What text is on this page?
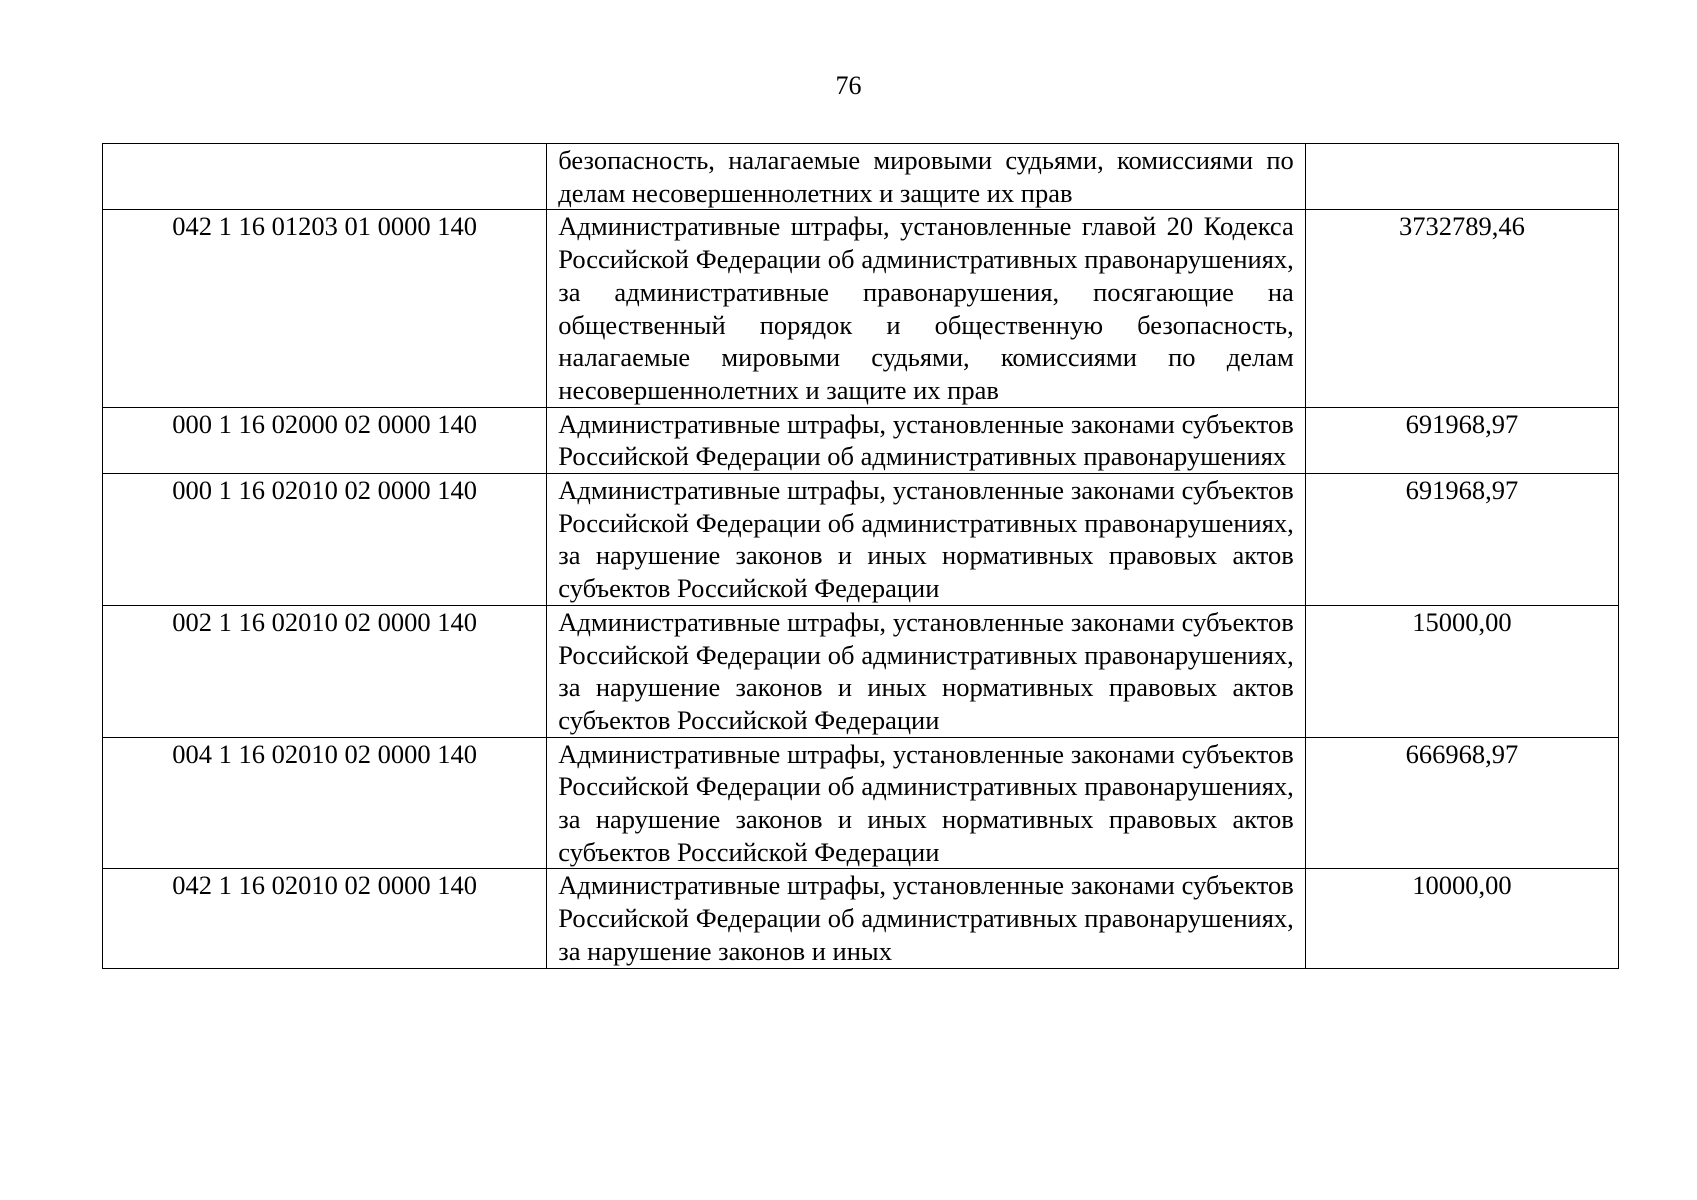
76

	безопасность, налагаемые мировыми судьями, комиссиями по делам несовершеннолетних и защите их прав	

042 1 16 01203 01 0000 140	Административные штрафы, установленные главой 20 Кодекса Российской Федерации об административных правонарушениях, за административные правонарушения, посягающие на общественный порядок и общественную безопасность, налагаемые мировыми судьями, комиссиями по делам несовершеннолетних и защите их прав	3732789,46
000 1 16 02000 02 0000 140	Административные штрафы, установленные законами субъектов Российской Федерации об административных правонарушениях	691968,97
000 1 16 02010 02 0000 140	Административные штрафы, установленные законами субъектов Российской Федерации об административных правонарушениях, за нарушение законов и иных нормативных правовых актов субъектов Российской Федерации	691968,97
002 1 16 02010 02 0000 140	Административные штрафы, установленные законами субъектов Российской Федерации об административных правонарушениях, за нарушение законов и иных нормативных правовых актов субъектов Российской Федерации	15000,00
004 1 16 02010 02 0000 140	Административные штрафы, установленные законами субъектов Российской Федерации об административных правонарушениях, за нарушение законов и иных нормативных правовых актов субъектов Российской Федерации	666968,97
042 1 16 02010 02 0000 140	Административные штрафы, установленные законами субъектов Российской Федерации об административных правонарушениях, за нарушение законов и иных	10000,00
